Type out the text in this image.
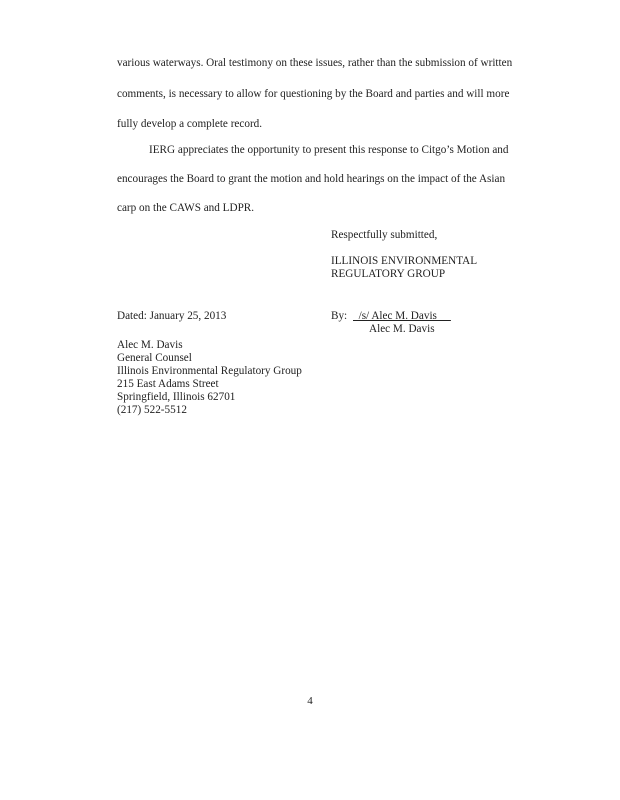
various waterways. Oral testimony on these issues, rather than the submission of written
comments, is necessary to allow for questioning by the Board and parties and will more
fully develop a complete record.
IERG appreciates the opportunity to present this response to Citgo’s Motion and
encourages the Board to grant the motion and hold hearings on the impact of the Asian
carp on the CAWS and LDPR.
Respectfully submitted,
ILLINOIS ENVIRONMENTAL
REGULATORY GROUP
Dated: January 25, 2013	By: /s/ Alec M. Davis
Alec M. Davis
Alec M. Davis
General Counsel
Illinois Environmental Regulatory Group
215 East Adams Street
Springfield, Illinois 62701
(217) 522-5512
4
